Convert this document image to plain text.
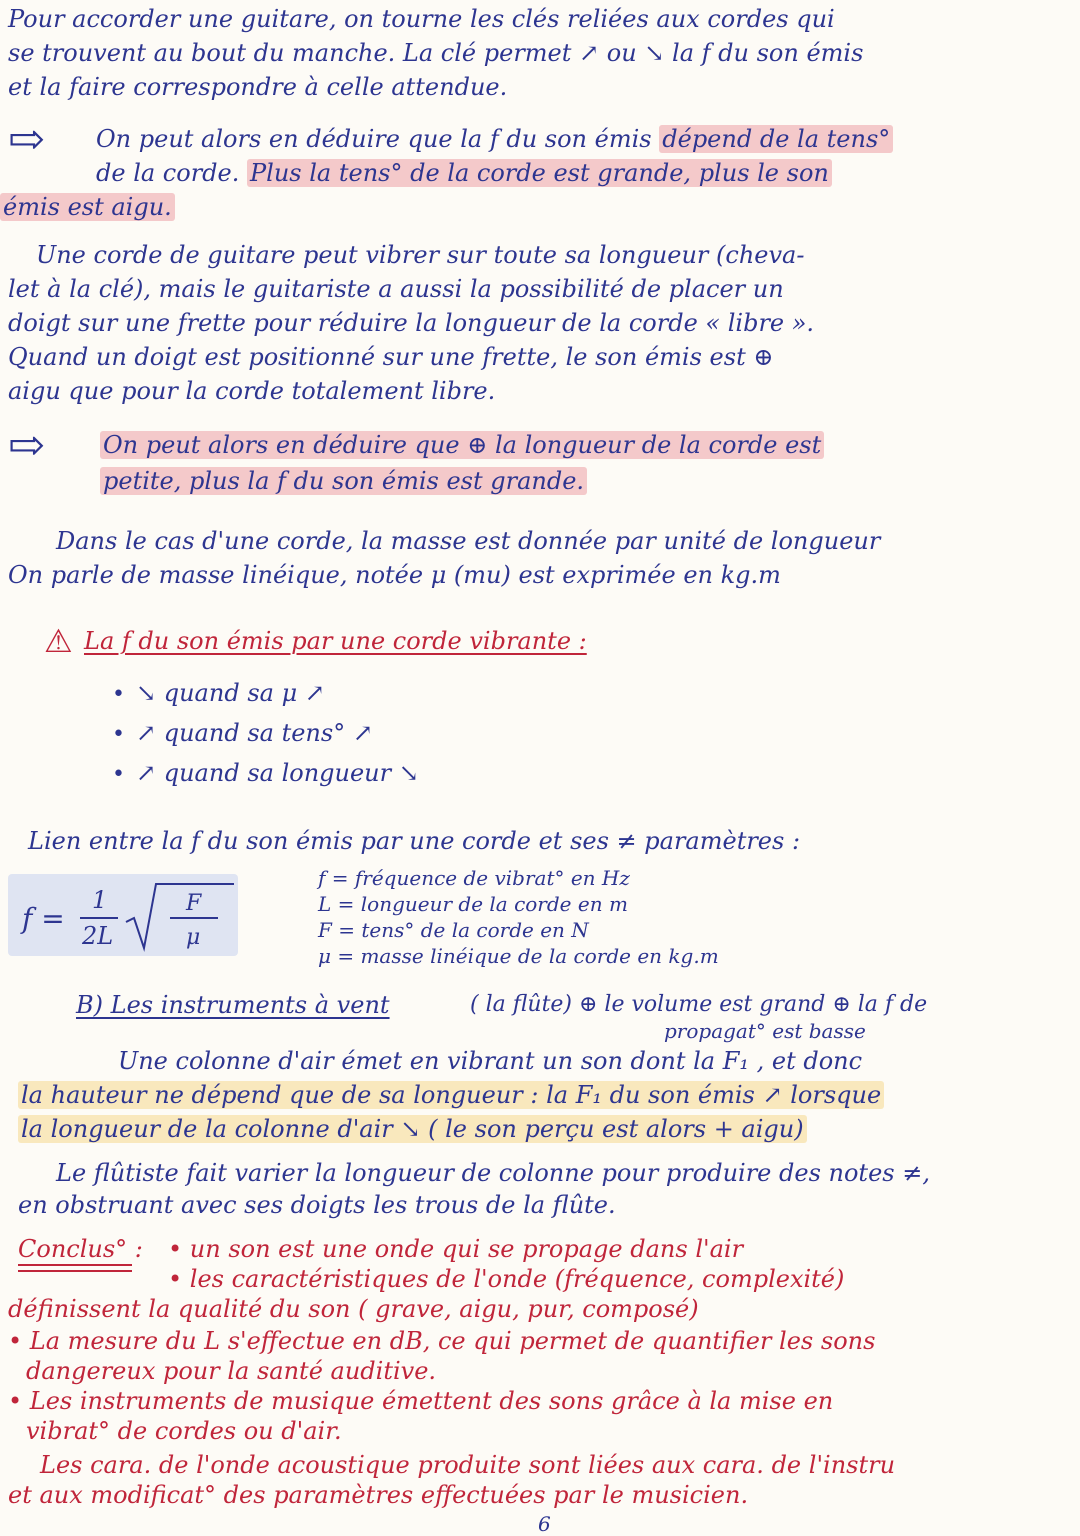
Pour accorder une guitare, on tourne les clés reliées aux cordes qui
se trouvent au bout du manche. La clé permet ↗ ou ↘ la f du son émis
et la faire correspondre à celle attendue.
⇨ On peut alors en déduire que la f du son émis dépend de la tens°
de la corde. Plus la tens° de la corde est grande, plus le son
émis est aigu.
Une corde de guitare peut vibrer sur toute sa longueur (cheva-
let à la clé), mais le guitariste a aussi la possibilité de placer un
doigt sur une frette pour réduire la longueur de la corde « libre ».
Quand un doigt est positionné sur une frette, le son émis est ⊕
aigu que pour la corde totalement libre.
⇨ On peut alors en déduire que ⊕ la longueur de la corde est
petite, plus la f du son émis est grande.
Dans le cas d'une corde, la masse est donnée par unité de longueur
On parle de masse linéique, notée μ (mu) est exprimée en kg.m
⚠ La f du son émis par une corde vibrante :
• ↘ quand sa μ ↗
• ↗ quand sa tens° ↗
• ↗ quand sa longueur ↘
Lien entre la f du son émis par une corde et ses ≠ paramètres :
f =
1
2L
F
μ
f = fréquence de vibrat° en Hz
L = longueur de la corde en m
F = tens° de la corde en N
μ = masse linéique de la corde en kg.m
B) Les instruments à vent	( la flûte) ⊕ le volume est grand ⊕ la f de
propagat° est basse
Une colonne d'air émet en vibrant un son dont la F₁ , et donc
la hauteur ne dépend que de sa longueur : la F₁ du son émis ↗ lorsque
la longueur de la colonne d'air ↘ ( le son perçu est alors + aigu)
Le flûtiste fait varier la longueur de colonne pour produire des notes ≠,
en obstruant avec ses doigts les trous de la flûte.
Conclus° : • un son est une onde qui se propage dans l'air
• les caractéristiques de l'onde (fréquence, complexité)
définissent la qualité du son ( grave, aigu, pur, composé)
• La mesure du L s'effectue en dB, ce qui permet de quantifier les sons
dangereux pour la santé auditive.
• Les instruments de musique émettent des sons grâce à la mise en
vibrat° de cordes ou d'air.
Les cara. de l'onde acoustique produite sont liées aux cara. de l'instru
et aux modificat° des paramètres effectuées par le musicien.
6
